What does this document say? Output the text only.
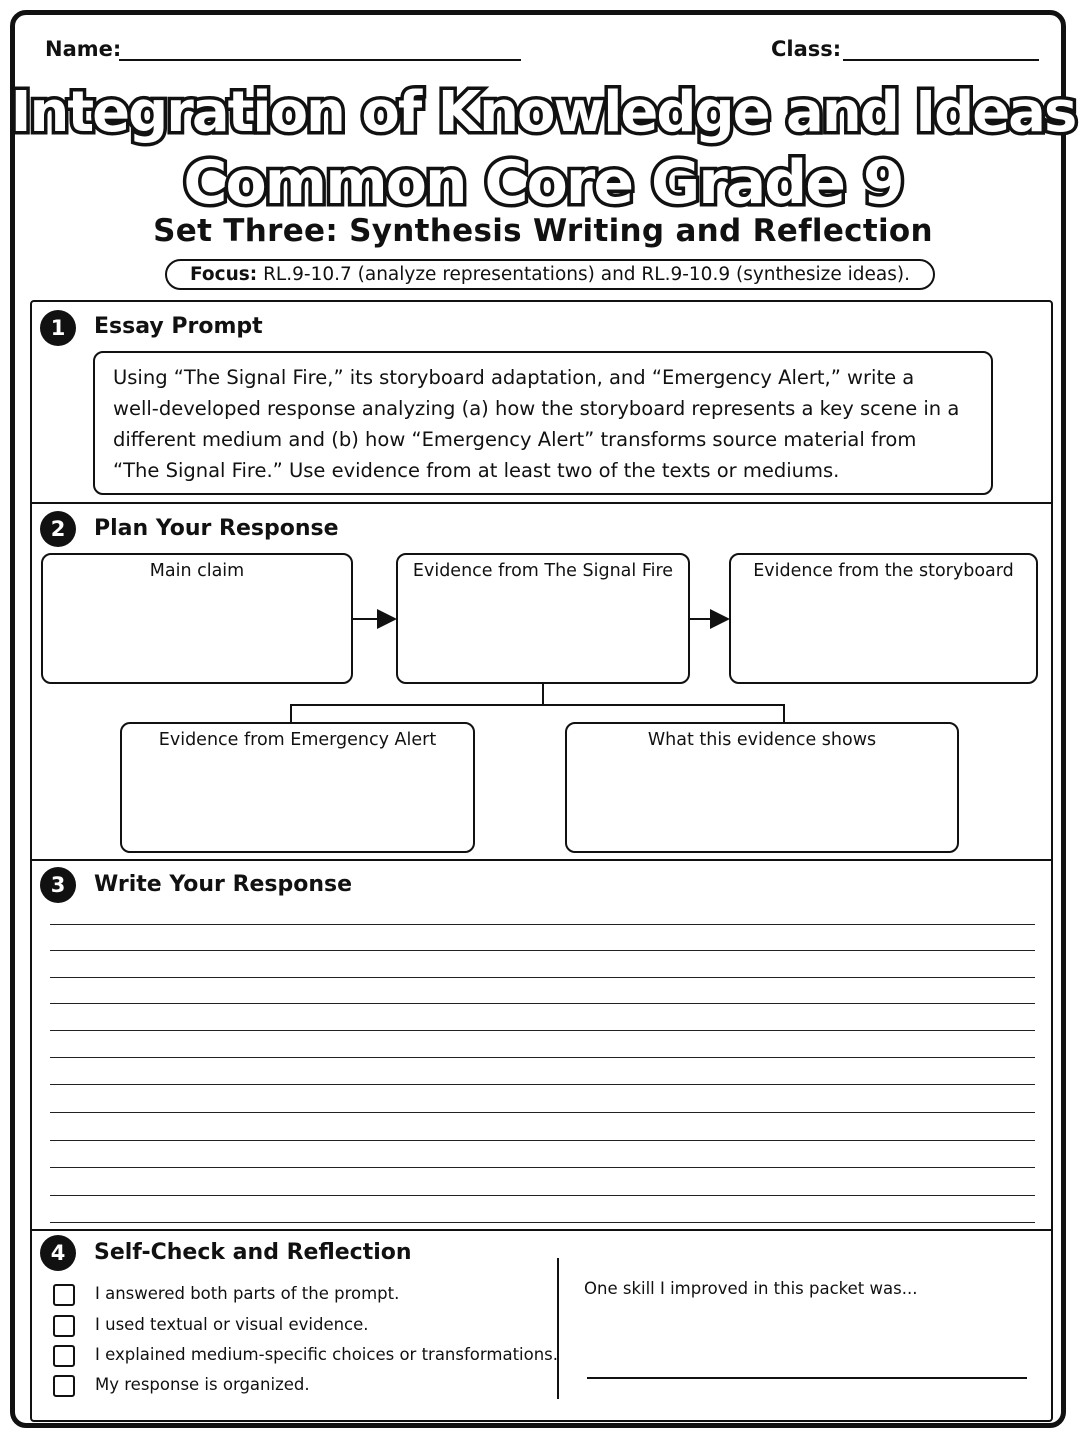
Name:	Class:
Integration of Knowledge and Ideas
Common Core Grade 9
Set Three: Synthesis Writing and Reflection
Focus: RL.9-10.7 (analyze representations) and RL.9-10.9 (synthesize ideas).
1	Essay Prompt
Using “The Signal Fire,” its storyboard adaptation, and “Emergency Alert,” write a
well-developed response analyzing (a) how the storyboard represents a key scene in a
different medium and (b) how “Emergency Alert” transforms source material from
“The Signal Fire.” Use evidence from at least two of the texts or mediums.
2	Plan Your Response
Main claim	Evidence from The Signal Fire	Evidence from the storyboard
Evidence from Emergency Alert	What this evidence shows
3	Write Your Response
4	Self-Check and Reflection
I answered both parts of the prompt.
I used textual or visual evidence.
I explained medium-specific choices or transformations.
My response is organized.
One skill I improved in this packet was...
